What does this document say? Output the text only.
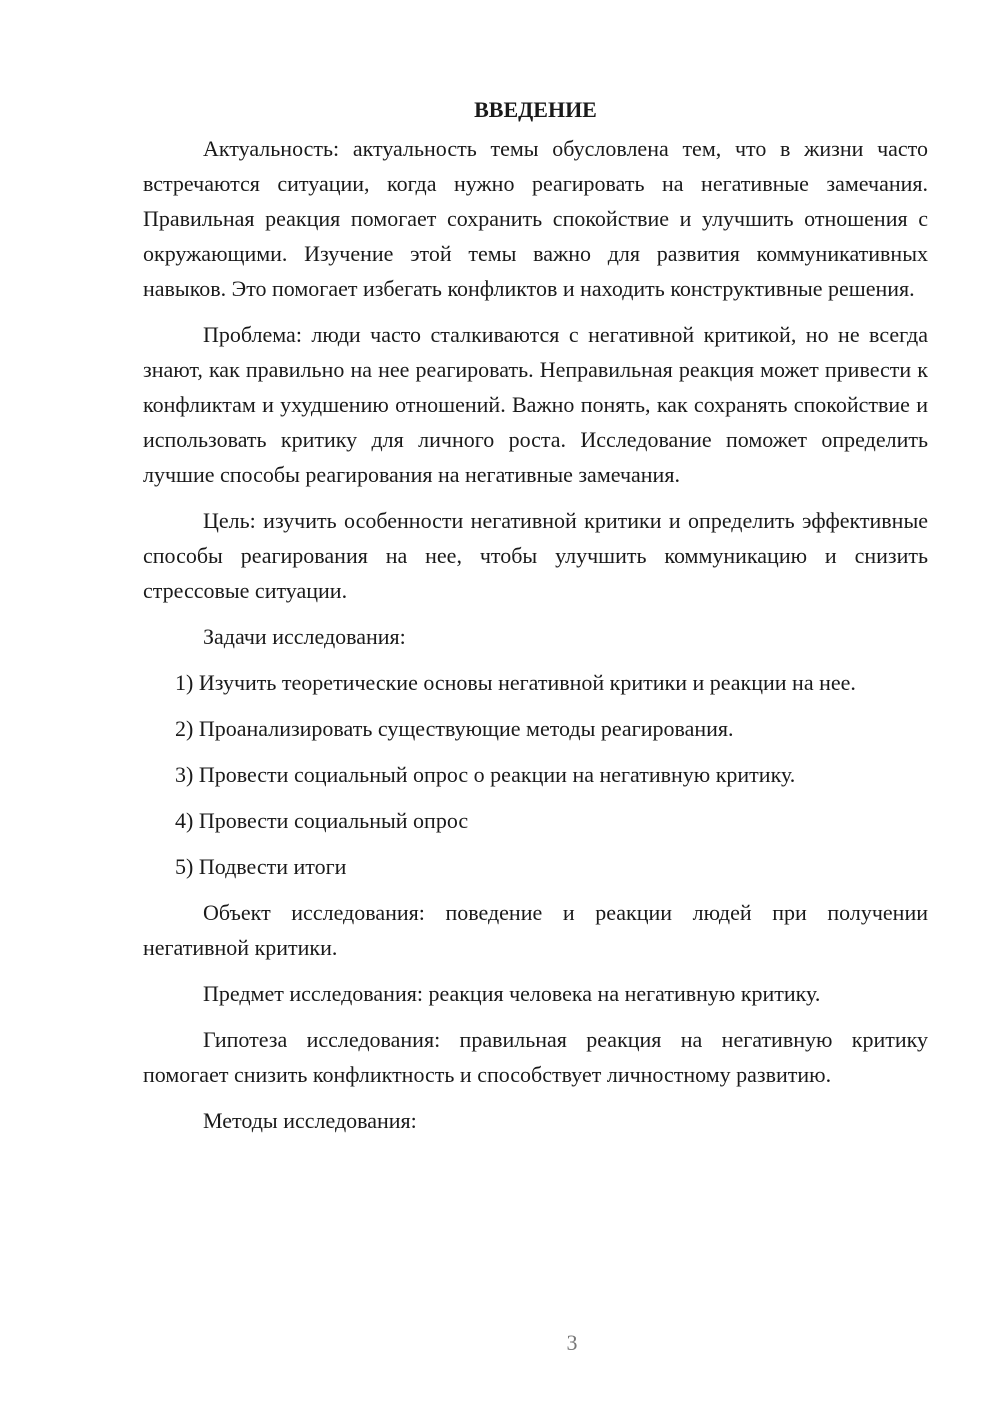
ВВЕДЕНИЕ

Актуальность: актуальность темы обусловлена тем, что в жизни часто встречаются ситуации, когда нужно реагировать на негативные замечания. Правильная реакция помогает сохранить спокойствие и улучшить отношения с окружающими. Изучение этой темы важно для развития коммуникативных навыков. Это помогает избегать конфликтов и находить конструктивные решения.

Проблема: люди часто сталкиваются с негативной критикой, но не всегда знают, как правильно на нее реагировать. Неправильная реакция может привести к конфликтам и ухудшению отношений. Важно понять, как сохранять спокойствие и использовать критику для личного роста. Исследование поможет определить лучшие способы реагирования на негативные замечания.

Цель: изучить особенности негативной критики и определить эффективные способы реагирования на нее, чтобы улучшить коммуникацию и снизить стрессовые ситуации.

Задачи исследования:

1) Изучить теоретические основы негативной критики и реакции на нее.

2) Проанализировать существующие методы реагирования.

3) Провести социальный опрос о реакции на негативную критику.

4) Провести социальный опрос

5) Подвести итоги

Объект исследования: поведение и реакции людей при получении негативной критики.

Предмет исследования: реакция человека на негативную критику.

Гипотеза исследования: правильная реакция на негативную критику помогает снизить конфликтность и способствует личностному развитию.

Методы исследования:

3
